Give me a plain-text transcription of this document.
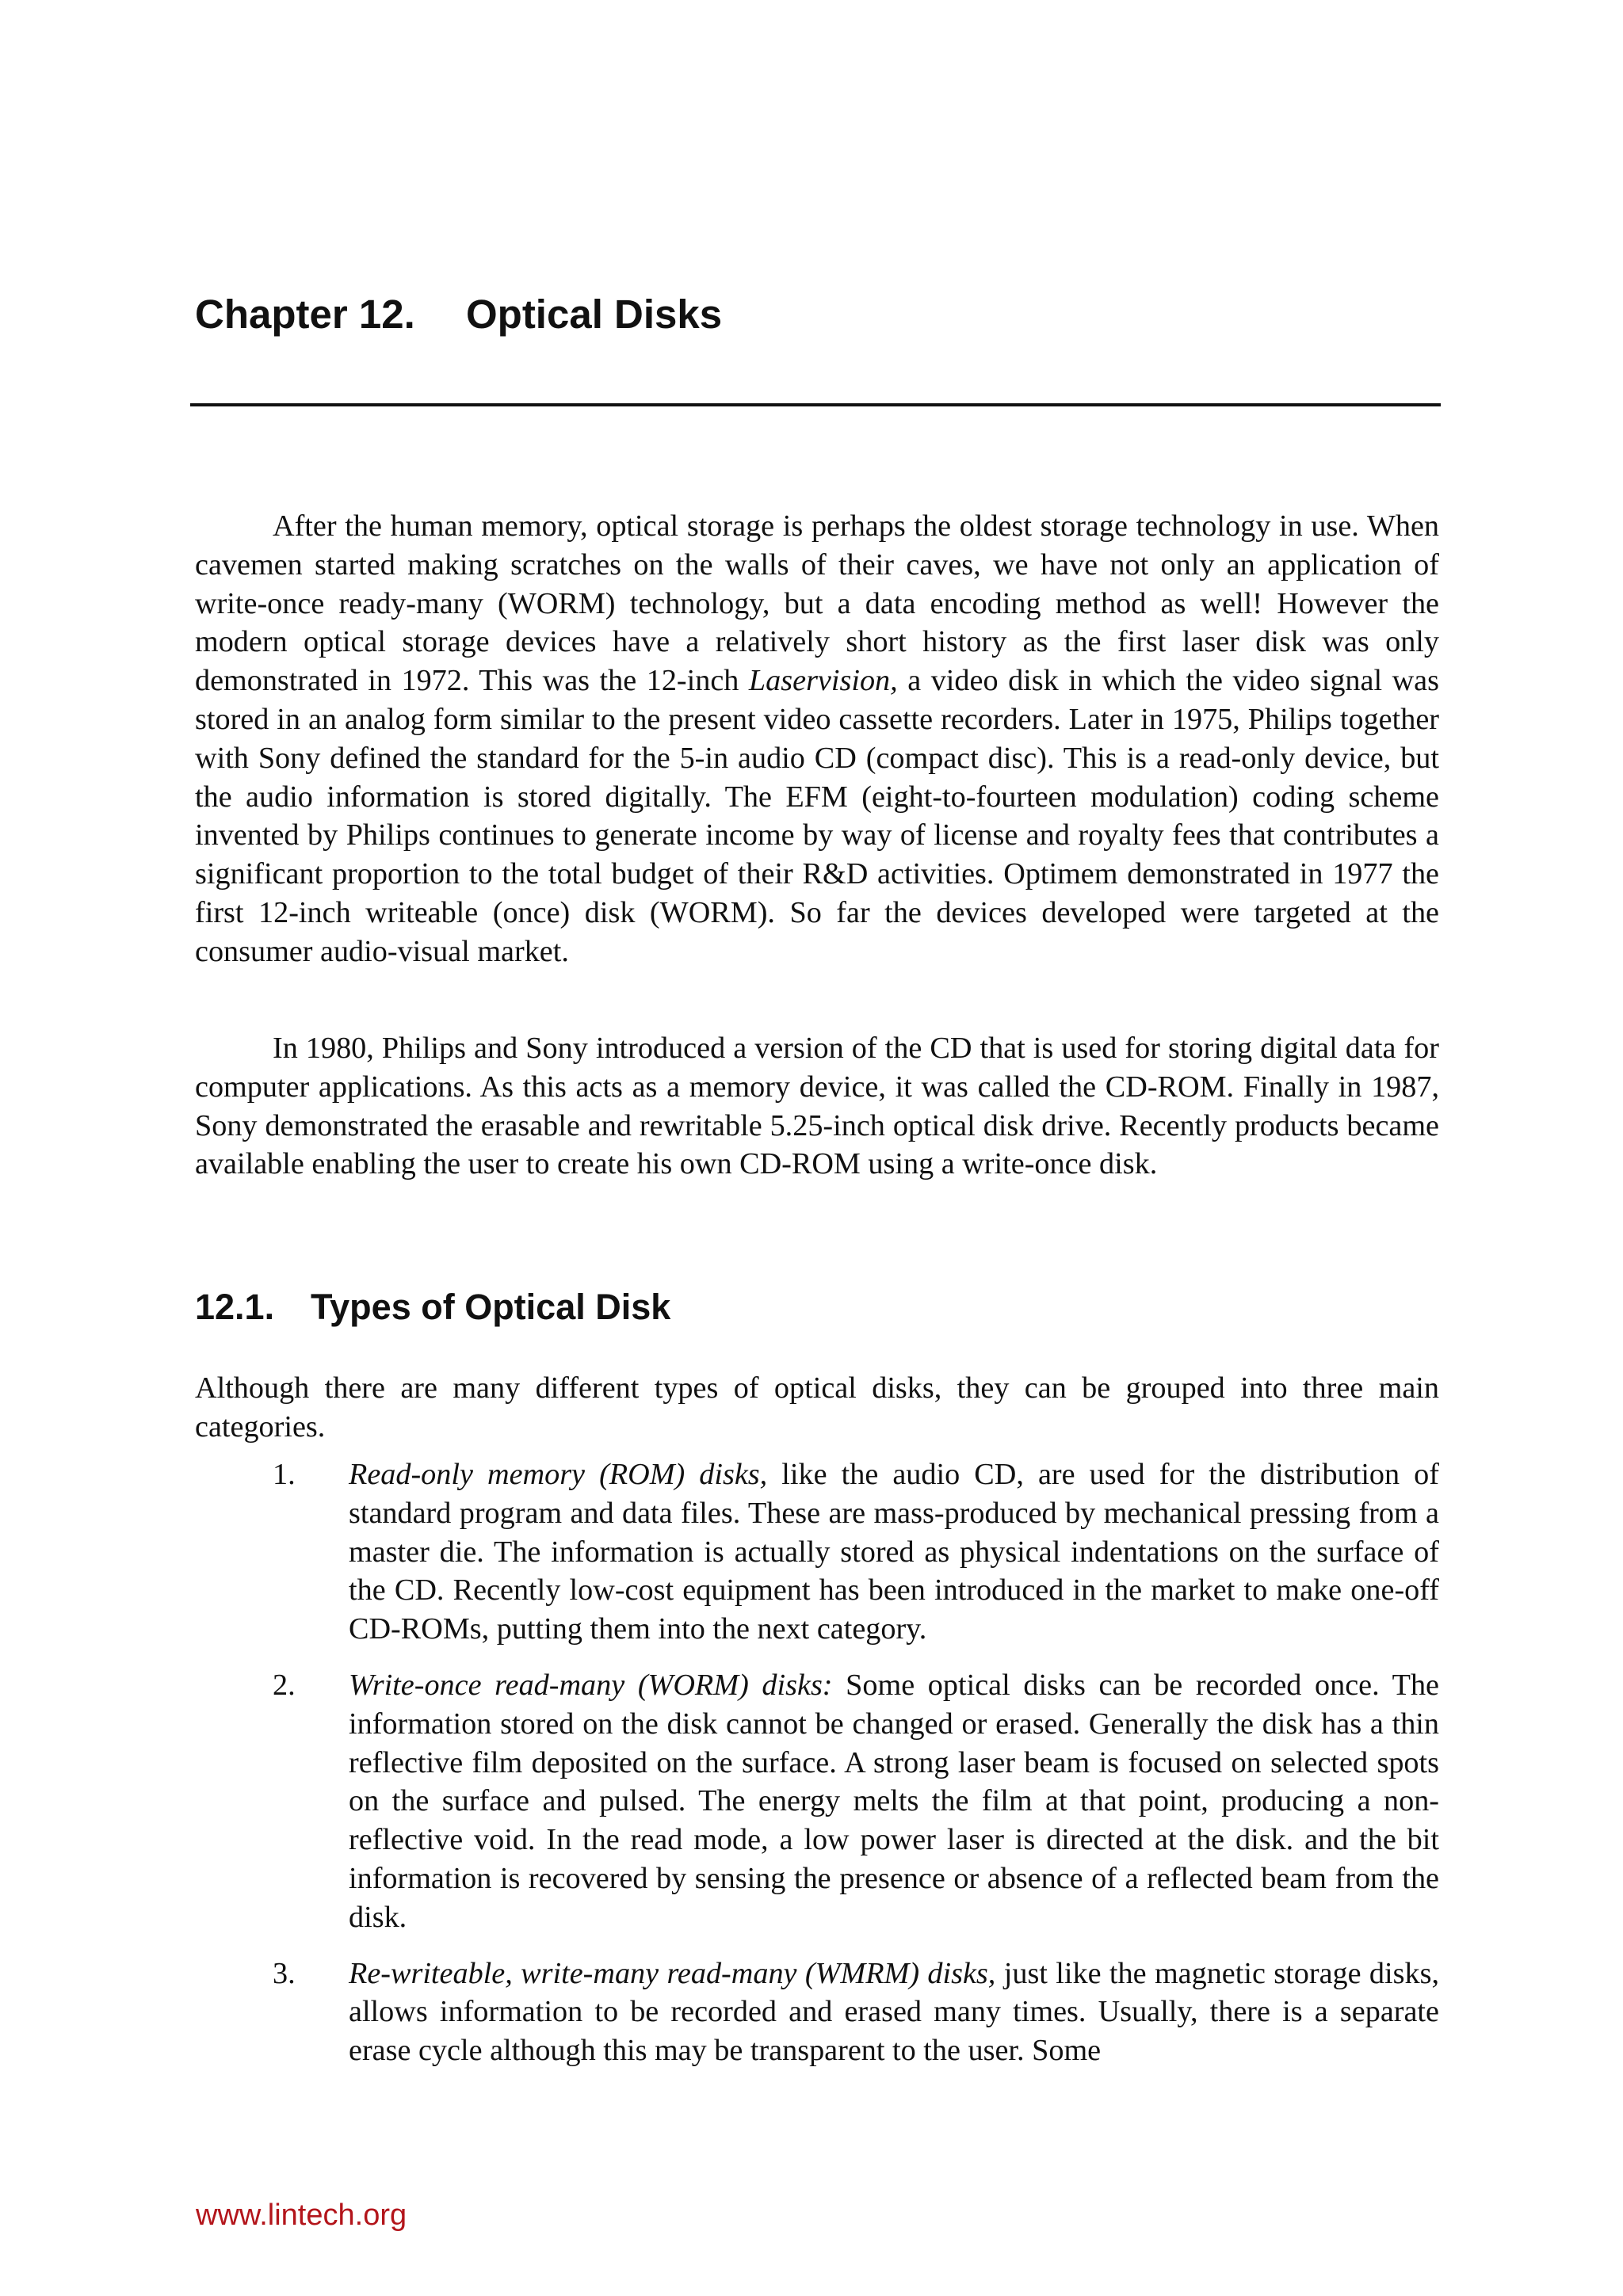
Chapter 12. Optical Disks

After the human memory, optical storage is perhaps the oldest storage technology in use. When cavemen started making scratches on the walls of their caves, we have not only an application of write-once ready-many (WORM) technology, but a data encoding method as well! However the modern optical storage devices have a relatively short history as the first laser disk was only demonstrated in 1972. This was the 12-inch Laservision, a video disk in which the video signal was stored in an analog form similar to the present video cassette recorders. Later in 1975, Philips together with Sony defined the standard for the 5-in audio CD (compact disc). This is a read-only device, but the audio information is stored digitally. The EFM (eight-to-fourteen modulation) coding scheme invented by Philips continues to generate income by way of license and royalty fees that contributes a significant proportion to the total budget of their R&D activities. Optimem demonstrated in 1977 the first 12-inch writeable (once) disk (WORM). So far the devices developed were targeted at the consumer audio-visual market.

In 1980, Philips and Sony introduced a version of the CD that is used for storing digital data for computer applications. As this acts as a memory device, it was called the CD-ROM. Finally in 1987, Sony demonstrated the erasable and rewritable 5.25-inch optical disk drive. Recently products became available enabling the user to create his own CD-ROM using a write-once disk.

12.1. Types of Optical Disk

Although there are many different types of optical disks, they can be grouped into three main categories.

1. Read-only memory (ROM) disks, like the audio CD, are used for the distribution of standard program and data files. These are mass-produced by mechanical pressing from a master die. The information is actually stored as physical indentations on the surface of the CD. Recently low-cost equipment has been introduced in the market to make one-off CD-ROMs, putting them into the next category.
2. Write-once read-many (WORM) disks: Some optical disks can be recorded once. The information stored on the disk cannot be changed or erased. Generally the disk has a thin reflective film deposited on the surface. A strong laser beam is focused on selected spots on the surface and pulsed. The energy melts the film at that point, producing a non-reflective void. In the read mode, a low power laser is directed at the disk. and the bit information is recovered by sensing the presence or absence of a reflected beam from the disk.
3. Re-writeable, write-many read-many (WMRM) disks, just like the magnetic storage disks, allows information to be recorded and erased many times. Usually, there is a separate erase cycle although this may be transparent to the user. Some
www.lintech.org
